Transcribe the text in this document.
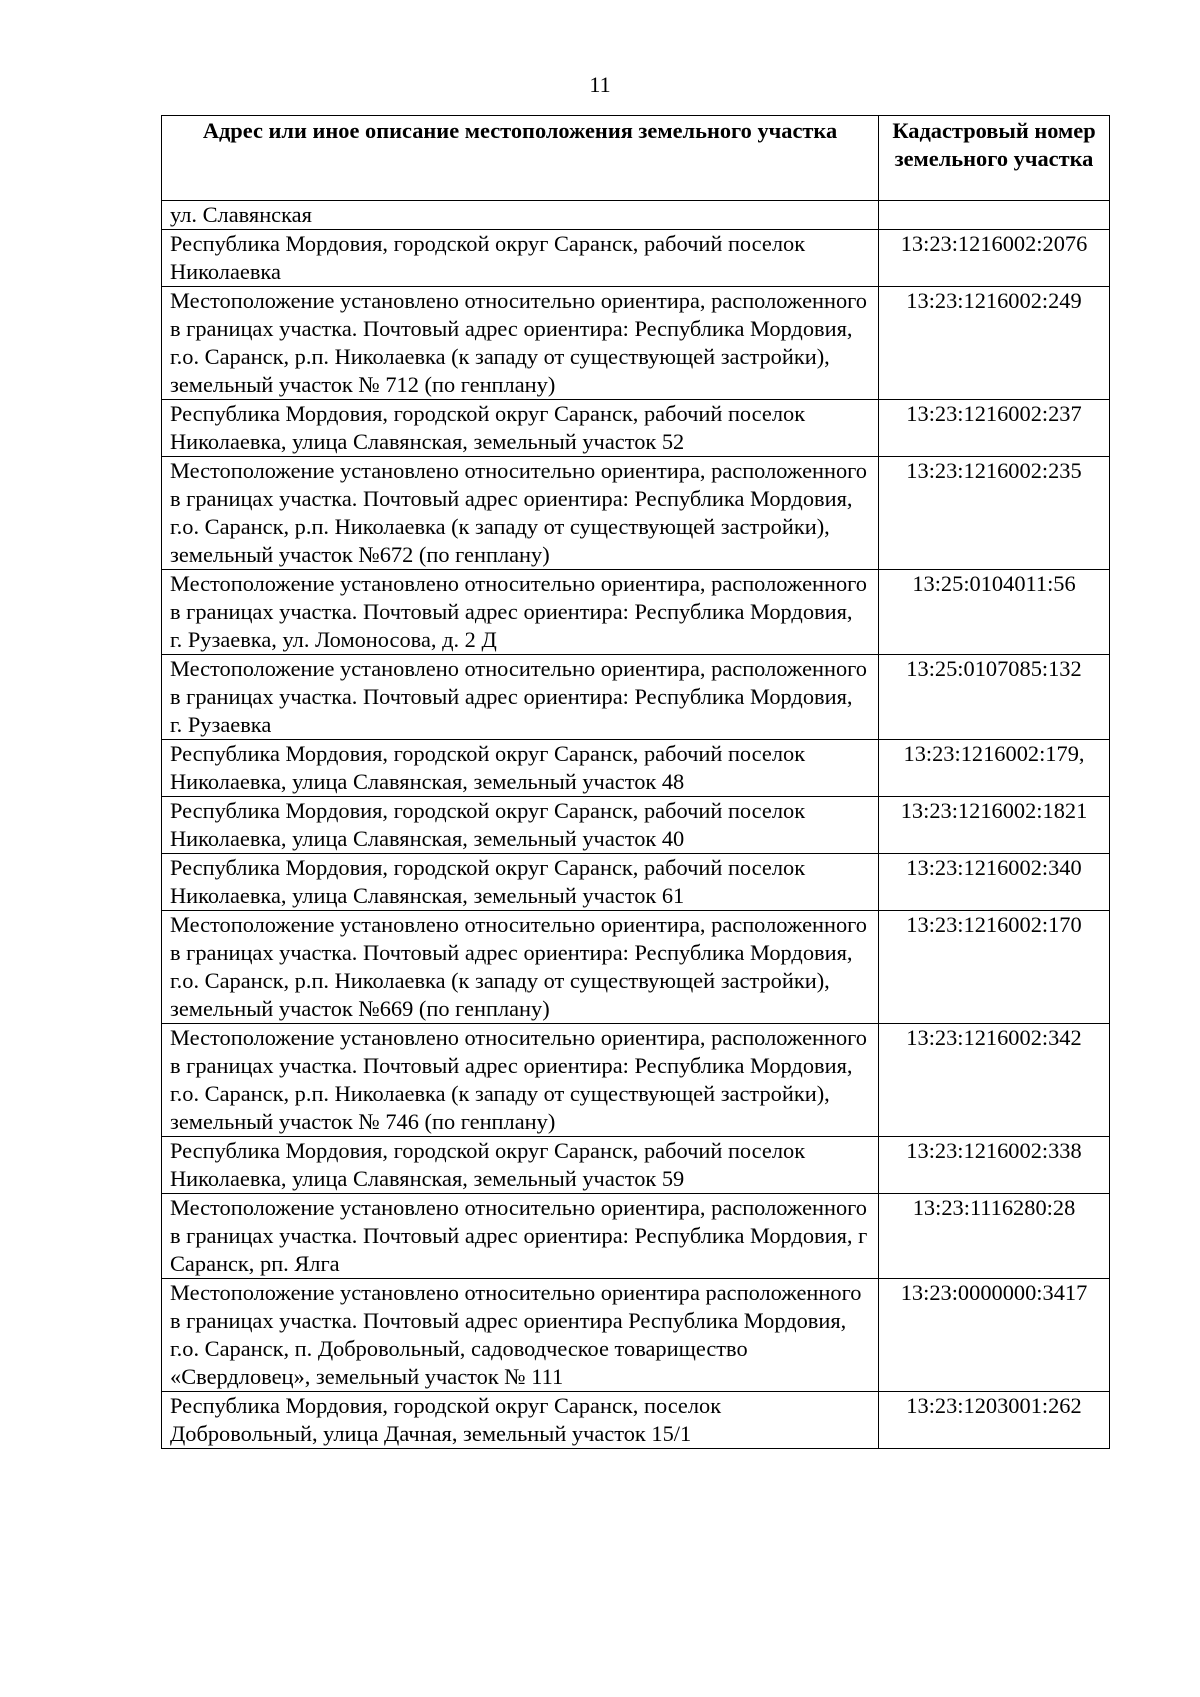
11
Адрес или иное описание местоположения земельного участка	Кадастровый номер земельного участка
ул. Славянская	
Республика Мордовия, городской округ Саранск, рабочий поселок Николаевка	13:23:1216002:2076
Местоположение установлено относительно ориентира, расположенного в границах участка. Почтовый адрес ориентира: Республика Мордовия, г.о. Саранск, р.п. Николаевка (к западу от существующей застройки), земельный участок № 712 (по генплану)	13:23:1216002:249
Республика Мордовия, городской округ Саранск, рабочий поселок Николаевка, улица Славянская, земельный участок 52	13:23:1216002:237
Местоположение установлено относительно ориентира, расположенного в границах участка. Почтовый адрес ориентира: Республика Мордовия, г.о. Саранск, р.п. Николаевка (к западу от существующей застройки), земельный участок №672 (по генплану)	13:23:1216002:235
Местоположение установлено относительно ориентира, расположенного в границах участка. Почтовый адрес ориентира: Республика Мордовия, г. Рузаевка, ул. Ломоносова, д. 2 Д	13:25:0104011:56
Местоположение установлено относительно ориентира, расположенного в границах участка. Почтовый адрес ориентира: Республика Мордовия, г. Рузаевка	13:25:0107085:132
Республика Мордовия, городской округ Саранск, рабочий поселок Николаевка, улица Славянская, земельный участок 48	13:23:1216002:179,
Республика Мордовия, городской округ Саранск, рабочий поселок Николаевка, улица Славянская, земельный участок 40	13:23:1216002:1821
Республика Мордовия, городской округ Саранск, рабочий поселок Николаевка, улица Славянская, земельный участок 61	13:23:1216002:340
Местоположение установлено относительно ориентира, расположенного в границах участка. Почтовый адрес ориентира: Республика Мордовия, г.о. Саранск, р.п. Николаевка (к западу от существующей застройки), земельный участок №669 (по генплану)	13:23:1216002:170
Местоположение установлено относительно ориентира, расположенного в границах участка. Почтовый адрес ориентира: Республика Мордовия, г.о. Саранск, р.п. Николаевка (к западу от существующей застройки), земельный участок № 746 (по генплану)	13:23:1216002:342
Республика Мордовия, городской округ Саранск, рабочий поселок Николаевка, улица Славянская, земельный участок 59	13:23:1216002:338
Местоположение установлено относительно ориентира, расположенного в границах участка. Почтовый адрес ориентира: Республика Мордовия, г Саранск, рп. Ялга	13:23:1116280:28
Местоположение установлено относительно ориентира расположенного в границах участка. Почтовый адрес ориентира Республика Мордовия, г.о. Саранск, п. Добровольный, садоводческое товарищество «Свердловец», земельный участок № 111	13:23:0000000:3417
Республика Мордовия, городской округ Саранск, поселок Добровольный, улица Дачная, земельный участок 15/1	13:23:1203001:262
